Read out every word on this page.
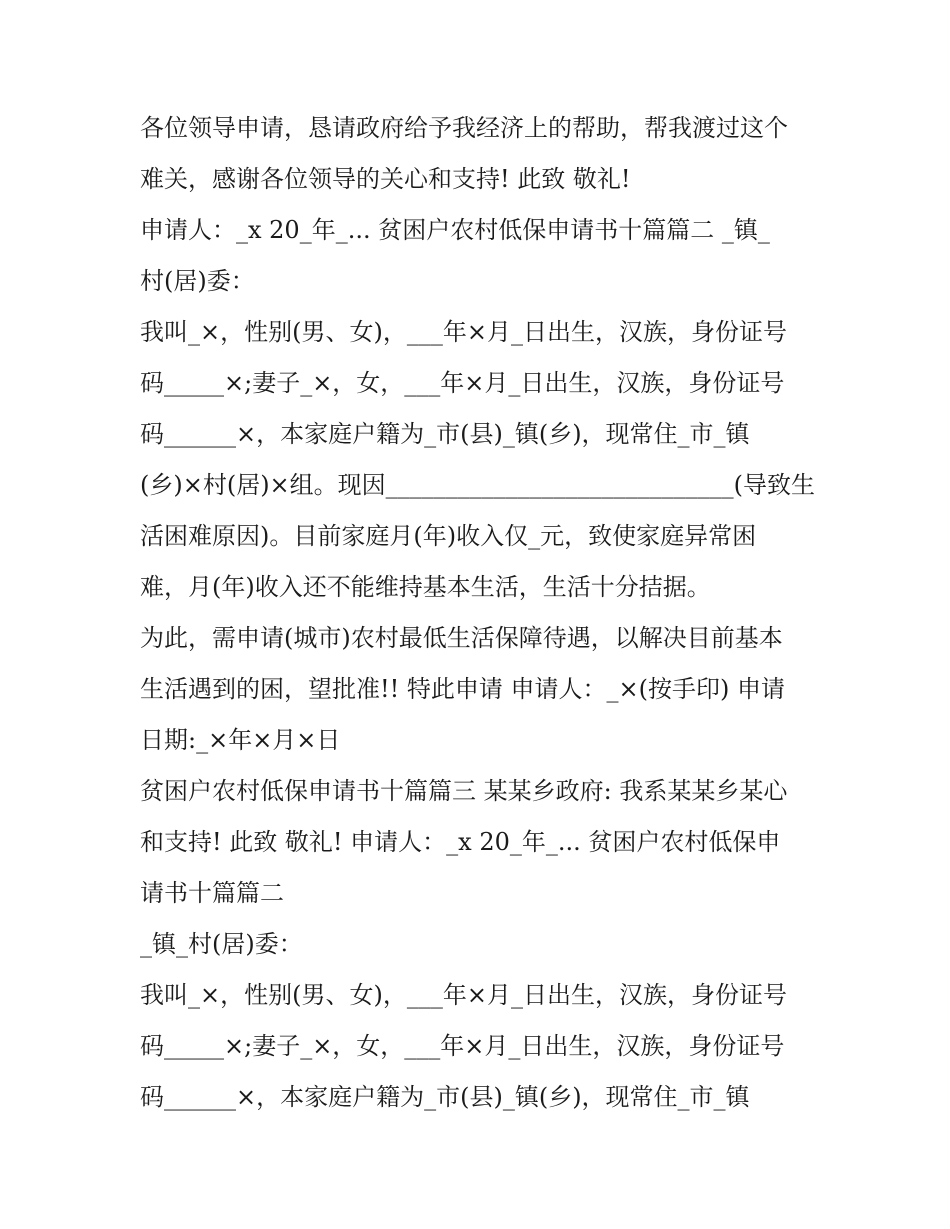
各位领导申请，恳请政府给予我经济上的帮助，帮我渡过这个
难关，感谢各位领导的关心和支持! 此致 敬礼!
申请人：_x 20_年_... 贫困户农村低保申请书十篇篇二 _镇_
村(居)委：
我叫_×，性别(男、女)，___年×月_日出生，汉族，身份证号
码_____×;妻子_×，女，___年×月_日出生，汉族，身份证号
码______×，本家庭户籍为_市(县)_镇(乡)，现常住_市_镇
(乡)×村(居)×组。现因_____________________________(导致生
活困难原因)。目前家庭月(年)收入仅_元，致使家庭异常困
难，月(年)收入还不能维持基本生活，生活十分拮据。
为此，需申请(城市)农村最低生活保障待遇，以解决目前基本
生活遇到的困，望批准!! 特此申请 申请人：_×(按手印) 申请
日期:_×年×月×日
贫困户农村低保申请书十篇篇三 某某乡政府: 我系某某乡某心
和支持! 此致 敬礼! 申请人：_x 20_年_... 贫困户农村低保申
请书十篇篇二
_镇_村(居)委：
我叫_×，性别(男、女)，___年×月_日出生，汉族，身份证号
码_____×;妻子_×，女，___年×月_日出生，汉族，身份证号
码______×，本家庭户籍为_市(县)_镇(乡)，现常住_市_镇
